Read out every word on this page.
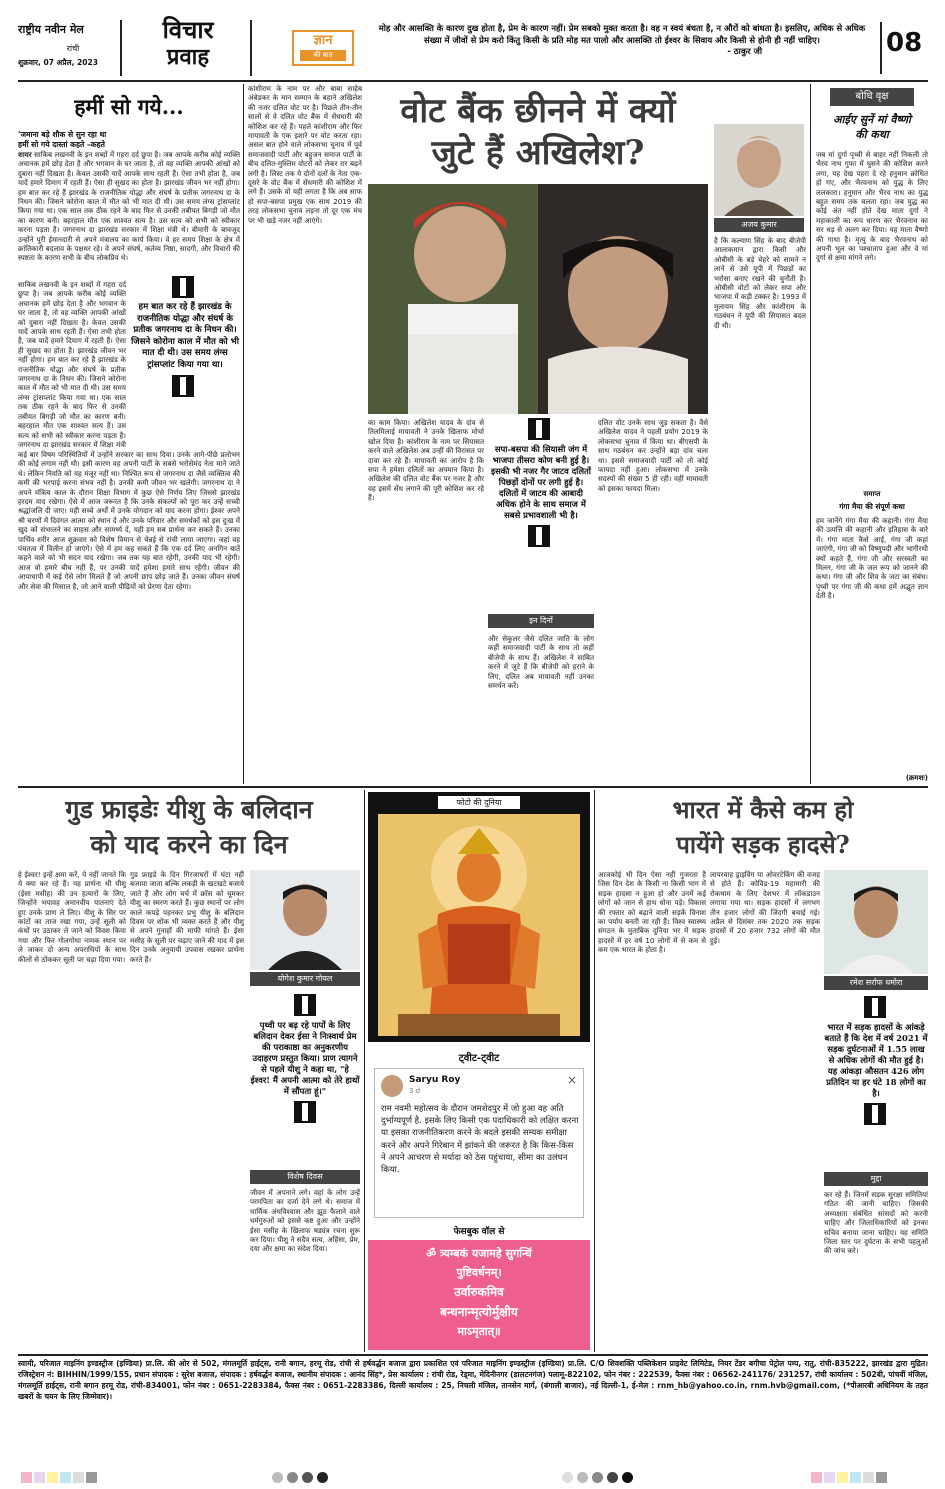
राष्ट्रीय नवीन मेल
रांची
शुक्रवार, 07 अप्रैल, 2023
विचार
प्रवाह
ज्ञान
की बात
मोह और आसक्ति के कारण दुख होता है, प्रेम के कारण नहीं। प्रेम सबको मुक्त करता है। वह न स्वयं बंधता है, न औरों को बांधता है। इसलिए, अधिक से अधिक संख्या में जीवों से प्रेम करो किंतु किसी के प्रति मोह मत पालो और आसक्ति तो ईश्वर के सिवाय और किसी से होनी ही नहीं चाहिए।
- ठाकुर जी	08
हमीं सो गये...
'जमाना बड़े शौक से सुन रहा था
हमीं सो गये दास्तां कहते –कहते
शायर साकिब लखनवी के इन शब्दों में गहरा दर्द छुपा है। जब आपके करीब कोई व्यक्ति अचानक हमें छोड़ देता है और भगवान के घर जाता है, तो वह व्यक्ति आपकी आंखों को दुबारा नहीं दिखता है। केवल उसकी यादें आपके साथ रहती हैं। ऐसा तभी होता है, जब यादें हमारे दिमाग में रहती हैं। ऐसा ही सुखद का होता है। झारखंड जीवन भर नहीं होगा। हम बात कर रहे हैं झारखंड के राजनीतिक योद्धा और संघर्ष के प्रतीक जगरनाथ दा के निधन की। जिसने कोरोना काल में मौत को भी मात दी थी। उस समय लंग्स ट्रांसप्लांट किया गया था। एक साल तक ठीक रहने के बाद फिर से उनकी तबीयत बिगड़ी जो मौत का कारण बनी। बहरहाल मौत एक शाश्वत सत्य है। उस सत्य को सभी को स्वीकार करना पड़ता है। जगरनाथ दा झारखंड सरकार में शिक्षा मंत्री थे। बीमारी के बावजूद उन्होंने पूरी ईमानदारी से अपने मंत्रालय का कार्य किया। वे हर समय शिक्षा के क्षेत्र में क्रांतिकारी बदलाव के पक्षधर रहे। वे अपने संघर्ष, कर्तव्य निष्ठा, सादगी, और विचारों की स्पष्टता के कारण सभी के बीच लोकप्रिय थे।
साकिब लखनवी के इन शब्दों में गहरा दर्द छुपा है। जब आपके करीब कोई व्यक्ति अचानक हमें छोड़ देता है और भगवान के घर जाता है, तो वह व्यक्ति आपकी आंखों को दुबारा नहीं दिखता है। केवल उसकी यादें आपके साथ रहती हैं। ऐसा तभी होता है, जब यादें हमारे दिमाग में रहती हैं। ऐसा ही सुखद का होता है। झारखंड जीवन भर नहीं होगा। हम बात कर रहे हैं झारखंड के राजनीतिक योद्धा और संघर्ष के प्रतीक जगरनाथ दा के निधन की। जिसने कोरोना काल में मौत को भी मात दी थी। उस समय लंग्स ट्रांसप्लांट किया गया था। एक साल तक ठीक रहने के बाद फिर से उनकी तबीयत बिगड़ी जो मौत का कारण बनी। बहरहाल मौत एक शाश्वत सत्य है। उस सत्य को सभी को स्वीकार करना पड़ता है। जगरनाथ दा झारखंड सरकार में शिक्षा मंत्री
हम बात कर रहे हैं झारखंड के राजनीतिक योद्धा और संघर्ष के प्रतीक जगरनाथ दा के निधन की। जिसने कोरोना काल में मौत को भी मात दी थी। उस समय लंग्स ट्रांसप्लांट किया गया था।
कई बार विषम परिस्थितियों में उन्होंने सरकार का साथ दिया। उनके आगे-पीछे प्रलोभन की कोई लगाम नहीं थी। इसी कारण वह अपनी पार्टी के सबसे भरोसेमंद नेता माने जाते थे। लेकिन नियति को यह मंजूर नहीं था। निश्चित रूप से जगरनाथ दा जैसे व्यक्तित्व की कमी की भरपाई करना संभव नहीं है। उनकी कमी जीवन भर खलेगी। जगरनाथ दा ने अपने मंत्रित्व काल के दौरान शिक्षा विभाग में कुछ ऐसे निर्णय लिए जिससे झारखंड हरदम याद रखेगा। ऐसे में आज जरूरत है कि उनके संकल्पों को पूरा कर उन्हें सच्ची श्रद्धांजलि दी जाए। यही सच्चे अर्थों में उनके योगदान को याद करना होगा। ईश्वर अपने श्री चरणों में दिवंगत आत्मा को स्थान दें और उनके परिवार और समर्थकों को इस दुःख में खुद को संभालने का साहस और सामर्थ्य दें, यही हम सब प्रार्थना कर सकते हैं। उनका पार्थिव शरीर आज शुक्रवार को विशेष विमान से चेन्नई से रांची लाया जाएगा। जहां वह पंचतत्व में विलीन हो जाएंगे। ऐसे में हम कह सकते हैं कि एक दर्द लिए अनगिन बातें कहने वाले को भी सदन याद रखेगा। जब तक यह बात रहेगी, उनकी याद भी रहेगी। आज वो हमारे बीच नहीं हैं, पर उनकी यादें हमेशा हमारे साथ रहेंगी। जीवन की आपाधापी में कई ऐसे लोग मिलते हैं जो अपनी छाप छोड़ जाते हैं। उनका जीवन संघर्ष और सेवा की मिसाल है, जो आने वाली पीढ़ियों को प्रेरणा देता रहेगा।
कांशीराम के नाम पर और बाबा साहेब अंबेडकर के मान सम्मान के बहाने अखिलेश की नजर दलित वोट पर है। पिछले तीन-तीन सालों से वे दलित वोट बैंक में सेंधमारी की कोशिश कर रहे हैं। पहले कांशीराम और फिर मायावती के एक इशारे पर वोट करता रहा। असल बात होने वाले लोकसभा चुनाव में पूर्व समाजवादी पार्टी और बहुजन समाज पार्टी के बीच दलित-मुस्लिम वोटरों को लेकर रार बढ़ने लगी है। लिस्ट तक ये दोनों दलों के नेता एक-दूसरे के वोट बैंक में सेंधमारी की कोशिश में लगे हैं। उसके वो यही लगता है कि अब साफ हो सपा-बसपा प्रमुख एक साथ 2019 की तरह लोकसभा चुनाव लड़ना तो दूर एक मंच पर भी खड़े नजर नहीं आएंगे।
वोट बैंक छीनने में क्यों
जुटे हैं अखिलेश?
का काम किया। अखिलेश यादव के दांव से तिलमिलाई मायावती ने उनके खिलाफ मोर्चा खोल दिया है। कांशीराम के नाम पर सियासत करने वाले अखिलेश अब उन्हीं की विरासत पर दावा कर रहे हैं। मायावती का आरोप है कि सपा ने हमेशा दलितों का अपमान किया है। अखिलेश की दलित वोट बैंक पर नजर है और वह इसमें सेंध लगाने की पूरी कोशिश कर रहे हैं।
सपा-बसपा की सियासी जंग में भाजपा तीसरा कोण बनी हुई है। इसकी भी नजर गैर जाटव दलितों पिछड़ों दोनों पर लगी हुई है। दलितों में जाटव की आबादी अधिक होने के साथ समाज में सबसे प्रभावशाली भी है।
इन दिनों
और सेकुलर जैसे दलित जाति के लोग कहीं समाजवादी पार्टी के साथ तो कहीं बीजेपी के साथ हैं। अखिलेश ने साबित करने में जुटे हैं कि बीजेपी को हराने के लिए, दलित अब मायावती नहीं उनका समर्थन करें।
दलित वोट उनके साथ जुड़ सकता है। वैसे अखिलेश यादव ने पहली प्रयोग 2019 के लोकसभा चुनाव में किया था। बीएसपी के साथ गठबंधन कर उन्होंने बड़ा दांव चला था। इससे समाजवादी पार्टी को तो कोई फायदा नहीं हुआ। लोकसभा में उनके सदस्यों की संख्या 5 ही रही। वहीं मायावती को इसका फायदा मिला।
अजय कुमार
है कि कल्याण सिंह के बाद बीजेपी आलाकमान द्वारा किसी और ओबीसी के बड़े चेहरे को सामने न लाने से उसे यूपी में पिछड़ों का भरोसा बनाए रखने की चुनौती है। ओबीसी वोटों को लेकर सपा और भाजपा में कड़ी टक्कर है। 1993 में मुलायम सिंह और कांशीराम के गठबंधन ने यूपी की सियासत बदल दी थी।
बोधि वृक्ष
आईए सुनें मां वैष्णो
की कथा
जब मां दुर्गा पृथ्वी से बाहर नहीं निकली तो भैरव नाथ गुफा में घुसने की कोशिश करने लगा, यह देख पहरा दे रहे हनुमान क्रोधित हो गए, और भैरवनाथ को युद्ध के लिए ललकारा। हनुमान और भैरव नाथ का युद्ध बहुत समय तक चलता रहा। जब युद्ध का कोई अंत नहीं होते देख माता दुर्गा ने महाकाली का रूप धारण कर भैरवनाथ का सर धड़ से अलग कर दिया। यह माता वैष्णो की गाथा है। मृत्यु के बाद भैरवनाथ को अपनी भूल का पश्चाताप हुआ और वे मां दुर्गा से क्षमा मांगने लगे।
समाप्त
गंगा मैया की संपूर्ण कथा
हम जानेंगे गंगा मैया की कहानी। गंगा मैया की उत्पत्ति की कहानी और इतिहास के बारे में। गंगा माता कैसे आईं, गंगा जी कहां जाएंगी, गंगा जी को विष्णुपदी और भागीरथी क्यों कहते हैं, गंगा जी और सरस्वती का मिलन, गंगा जी के जल रूप को जानने की कथा। गंगा जी और शिव के जटा का संबंध। पृथ्वी पर गंगा जी की कथा हमें अद्भुत ज्ञान देती है।
(क्रमशः)
गुड फ्राइडेः यीशु के बलिदान
को याद करने का दिन
हे ईश्वर! इन्हें क्षमा करें, ये नहीं जानते कि ये क्या कर रहे हैं। यह प्रार्थना थी यीशु (ईसा मसीह) की उन हत्यारों के लिए, जिन्होंने भयावह अमानवीय यातनाएं देते हुए उनके प्राण ले लिए। यीशु के सिर पर कांटों का ताज रखा गया, उन्हें सूली को कंधों पर उठाकर ले जाने को विवश किया गया और फिर गोलगोथा नामक स्थान पर ले जाकर दो अन्य अपराधियों के साथ कीलों से ठोंककर सूली पर चढ़ा दिया गया।
गुड फ्राइडे के दिन गिरजाघरों में घंटा नहीं बजाया जाता बल्कि लकड़ी के खटखटे बजाये जाते हैं और लोग चर्च में क्रॉस को चूमकर यीशु का स्मरण करते हैं। कुछ स्थानों पर लोग काले कपड़े पहनकर प्रभु यीशु के बलिदान दिवस पर शोक भी व्यक्त करते हैं और यीशु से अपने गुनाहों की माफी मांगते हैं। ईसा मसीह के सूली पर चढ़ाए जाने की याद में इस दिन उनके अनुयायी उपवास रखकर प्रार्थना करते हैं।
योगेश कुमार गोयल
पृथ्वी पर बढ़ रहे पापों के लिए बलिदान देकर ईसा ने निःस्वार्थ प्रेम की पराकाष्ठा का अनुकरणीय उदाहरण प्रस्तुत किया। प्राण त्यागने से पहले यीशु ने कहा था, "हे ईश्वर! मैं अपनी आत्मा को तेरे हाथों में सौंपता हूं।"
विशेष दिवस
जीवन में अपनाने लगे। वहां के लोग उन्हें परमपिता का दर्जा देने लगे थे। समाज में धार्मिक अंधविश्वास और झूठ फैलाने वाले धर्मगुरुओं को इससे कष्ट हुआ और उन्होंने ईसा मसीह के खिलाफ षड्यंत्र रचना शुरू कर दिया। यीशु ने सदैव सत्य, अहिंसा, प्रेम, दया और क्षमा का संदेश दिया।
फोटो की दुनिया
ट्वीट-ट्वीट
Saryu Roy
3 d
×
राम नवमी महोत्सव के दौरान जमशेदपुर में जो हुआ वह अति दुर्भाग्यपूर्ण है. इसके लिए किसी एक पदाधिकारी को लक्षित करना या इसका राजनीतिकरण करने के बदले इसकी सम्यक समीक्षा करने और अपने गिरेबान में झांकने की जरूरत है कि किस-किस ने अपने आचरण से मर्यादा को ठेस पहुंचाया, सीमा का उलंघन किया.
फेसबुक वॉल से
ॐ त्र्यम्बकं यजामहे सुगन्धिं
पुष्टिवर्धनम्।
उर्वारुकमिव
बन्धनान्मृत्योर्मुक्षीय
माऽमृतात्॥
भारत में कैसे कम हो
पायेंगे सड़क हादसे?
आजकोई भी दिन ऐसा नहीं गुजरता है जिस दिन देश के किसी ना किसी भाग में सड़क हादसा न हुआ हो और उनमें कई लोगों को जान से हाथ धोना पड़े। विकास की रफ्तार को बढ़ाने वाली सड़कें विनाश का पर्याय बनती जा रही हैं। विश्व स्वास्थ्य संगठन के मुताबिक दुनिया भर में सड़क हादसों में हर वर्ष 10 लोगों में से कम से कम एक भारत के होता है।
लापरवाह ड्राइविंग या ओवरटेकिंग की वजह से होते हैं। कोविड-19 महामारी की रोकथाम के लिए देशभर में लॉकडाउन लगाया गया था। सड़क हादसों में लगभग तीन हजार लोगों की जिंदगी बचाई गई। अप्रैल से दिसंबर तक 2020 तक सड़क हादसों में 20 हजार 732 लोगों की मौत हुई।
रमेश सर्राफ धमोरा
भारत में सड़क हादसों के आंकड़े बताते हैं कि देश में वर्ष 2021 में सड़क दुर्घटनाओं में 1.55 लाख से अधिक लोगों की मौत हुई है। यह आंकड़ा औसतन 426 लोग प्रतिदिन या हर घंटे 18 लोगों का है।
मुद्दा
कर रहे हैं। जिनमें सड़क सुरक्षा समितियां गठित की जानी चाहिए। जिसकी अध्यक्षता संबंधित सांसदों को करनी चाहिए और जिलाधिकारियों को इनका सचिव बनाया जाना चाहिए। यह समिति जिला स्तर पर दुर्घटना के सभी पहलुओं की जांच करे।
स्वामी, परिजात माइनिंग इण्डस्ट्रीज (इण्डिया) प्रा.लि. की ओर से 502, मंगलमूर्ति हाईट्स, रानी बगान, हरमू रोड, रांची से हर्षवर्द्धन बजाज द्वारा प्रकाशित एवं परिजात माइनिंग इण्डस्ट्रीज (इण्डिया) प्रा.लि. C/O शिवशक्ति पब्लिकेशन प्राइवेट लिमिटेड, नियर टेंडर बगीचा पेट्रोल पम्प, रातु, रांची-835222, झारखंड द्वारा मुद्रित। रजिस्ट्रेशन नं: BIHHIN/1999/155, प्रधान संपादक : सुरेश बजाज, संपादक : हर्षवर्द्धन बजाज, स्थानीय संपादक : आनंद सिंह*, प्रेस कार्यालय : रांची रोड, रेड्मा, मेदिनीनगर (डालटनगंज) पलामू-822102, फोन नंबर : 222539, फैक्स नंबर : 06562-241176/ 231257, रांची कार्यालय : 502बी, पांचवीं मंजिल, मंगलमूर्ति हाईट्स, रानी बगान हरमू रोड, रांची-834001, फोन नंबर : 0651-2283384, फैक्स नंबर : 0651-2283386, दिल्ली कार्यालय : 25, निचली मंजिल, तानसेन मार्ग, (बंगाली बाजार), नई दिल्ली-1, ई-मेल : rnm_hb@yahoo.co.in, rnm.hvb@gmail.com, (*पीआरबी अधिनियम के तहत खबरों के चयन के लिए जिम्मेवार)।
